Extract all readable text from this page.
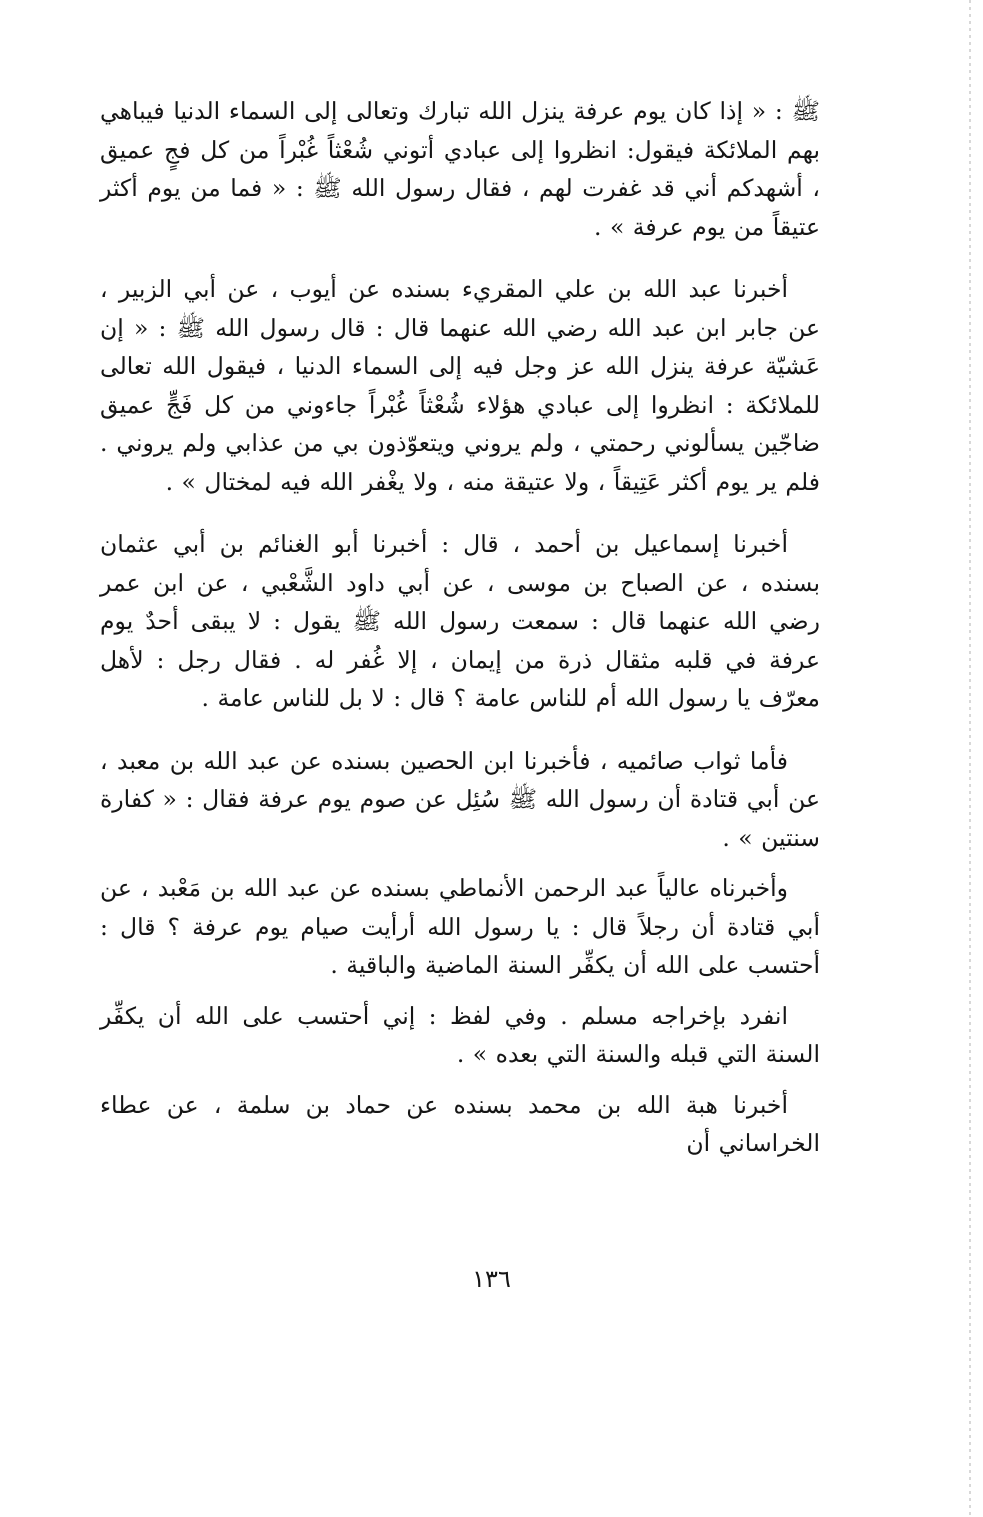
ﷺ : « إذا كان يوم عرفة ينزل الله تبارك وتعالى إلى السماء الدنيا فيباهي بهم الملائكة فيقول: انظروا إلى عبادي أتوني شُعْثاً غُبْراً من كل فجٍ عميق ، أشهدكم أني قد غفرت لهم ، فقال رسول الله ﷺ : « فما من يوم أكثر عتيقاً من يوم عرفة » .

أخبرنا عبد الله بن علي المقريء بسنده عن أيوب ، عن أبي الزبير ، عن جابر ابن عبد الله رضي الله عنهما قال : قال رسول الله ﷺ : « إن عَشيّة عرفة ينزل الله عز وجل فيه إلى السماء الدنيا ، فيقول الله تعالى للملائكة : انظروا إلى عبادي هؤلاء شُعْثاً غُبْراً جاءوني من كل فَجٍّ عميق ضاجّين يسألوني رحمتي ، ولم يروني ويتعوّذون بي من عذابي ولم يروني . فلم ير يوم أكثر عَتِيقاً ، ولا عتيقة منه ، ولا يغْفر الله فيه لمختال » .

أخبرنا إسماعيل بن أحمد ، قال : أخبرنا أبو الغنائم بن أبي عثمان بسنده ، عن الصباح بن موسى ، عن أبي داود الشَّعْبي ، عن ابن عمر رضي الله عنهما قال : سمعت رسول الله ﷺ يقول : لا يبقى أحدٌ يوم عرفة في قلبه مثقال ذرة من إيمان ، إلا غُفر له . فقال رجل : لأهل معرّف يا رسول الله أم للناس عامة ؟ قال : لا بل للناس عامة .

فأما ثواب صائميه ، فأخبرنا ابن الحصين بسنده عن عبد الله بن معبد ، عن أبي قتادة أن رسول الله ﷺ سُئِل عن صوم يوم عرفة فقال : « كفارة سنتين » .

وأخبرناه عالياً عبد الرحمن الأنماطي بسنده عن عبد الله بن مَعْبد ، عن أبي قتادة أن رجلاً قال : يا رسول الله أرأيت صيام يوم عرفة ؟ قال : أحتسب على الله أن يكفِّر السنة الماضية والباقية .

انفرد بإخراجه مسلم . وفي لفظ : إني أحتسب على الله أن يكفِّر السنة التي قبله والسنة التي بعده » .

أخبرنا هبة الله بن محمد بسنده عن حماد بن سلمة ، عن عطاء الخراساني أن

١٣٦
